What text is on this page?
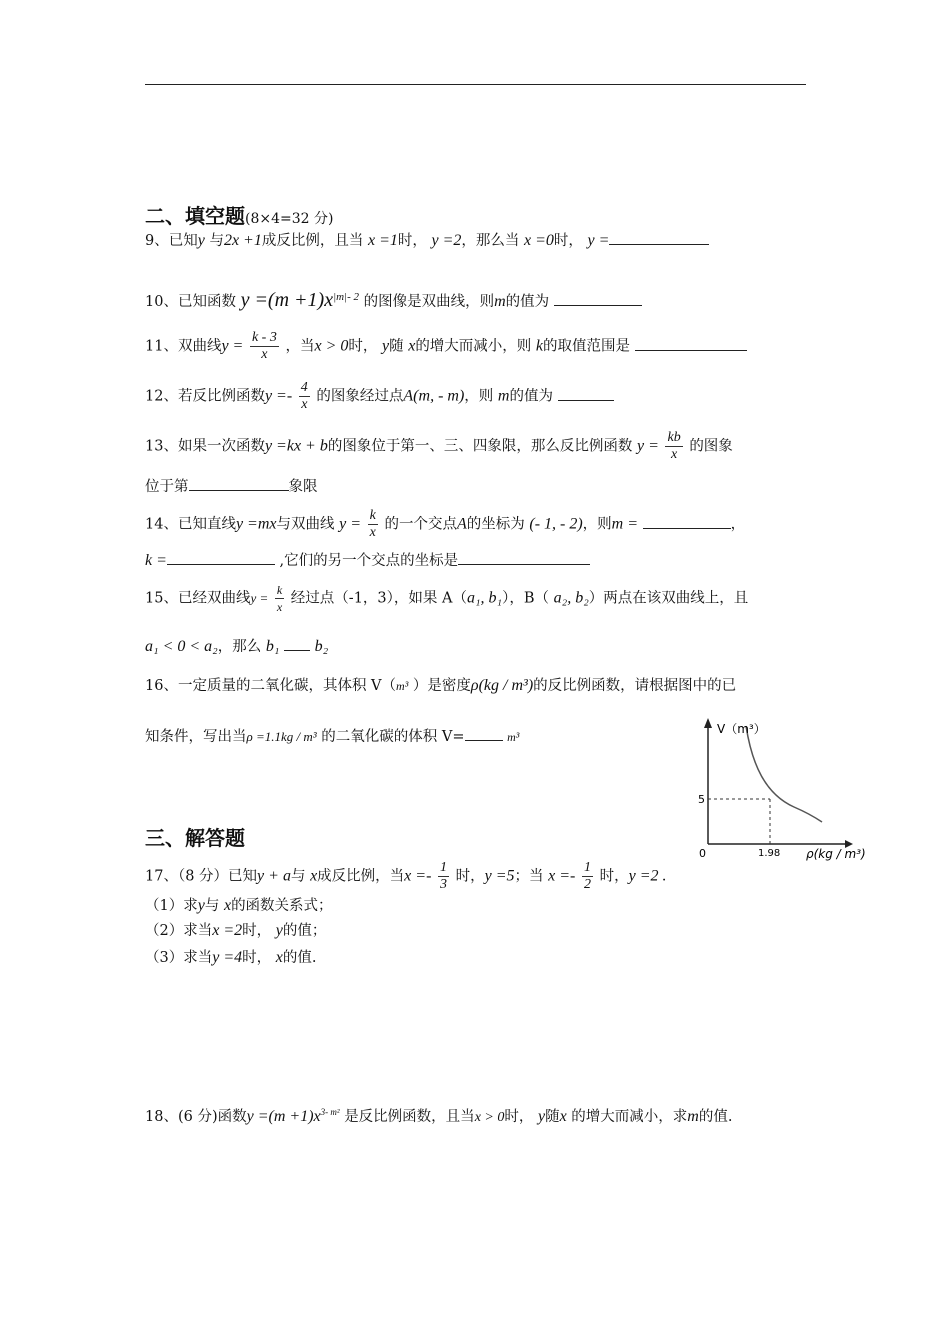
二、填空题(8×4=32 分)
9、已知y 与2x +1成反比例，且当 x =1时， y =2，那么当 x =0时， y =
10、已知函数 $y =(m +1)x^{|m|- 2}$ 的图像是双曲线，则m的值为
11、双曲线$y = \frac{k - 3}{x}$ ，当x > 0时， y随 x的增大而减小，则 k的取值范围是
12、若反比例函数$y =- \frac{4}{x}$ 的图象经过点A(m, - m)，则 m的值为
13、如果一次函数y =kx + b的图象位于第一、三、四象限，那么反比例函数 $y = \frac{kb}{x}$ 的图象
位于第	象限
14、已知直线y =mx与双曲线 $y = \frac{k}{x}$ 的一个交点A的坐标为 (- 1, - 2)，则m =	，
k =	,它们的另一个交点的坐标是
15、已经双曲线$y = \frac{k}{x}$ 经过点（-1，3），如果 A（a₁, b₁），B（ a₂, b₂）两点在该双曲线上，且
a₁ < 0 < a₂，那么 b₁ b₂
16、一定质量的二氧化碳，其体积 V（m³ ）是密度ρ(kg / m³)的反比例函数，请根据图中的已
知条件，写出当ρ =1.1kg / m³ 的二氧化碳的体积 V=	m³
V（m³）
5
0	1.98 ρ(kg / m³)
三、解答题
17、（8 分）已知y + a与 x成反比例，当$x =- \frac{1}{3}$ 时，y =5；当 $x =- \frac{1}{2}$ 时，y =2 .
（1）求y与 x的函数关系式；
（2）求当x =2时， y的值；
（3）求当y =4时， x的值.
18、(6 分)函数$y =(m +1)x^{3- m^2}$ 是反比例函数，且当x > 0时， y随x 的增大而减小，求m的值.
